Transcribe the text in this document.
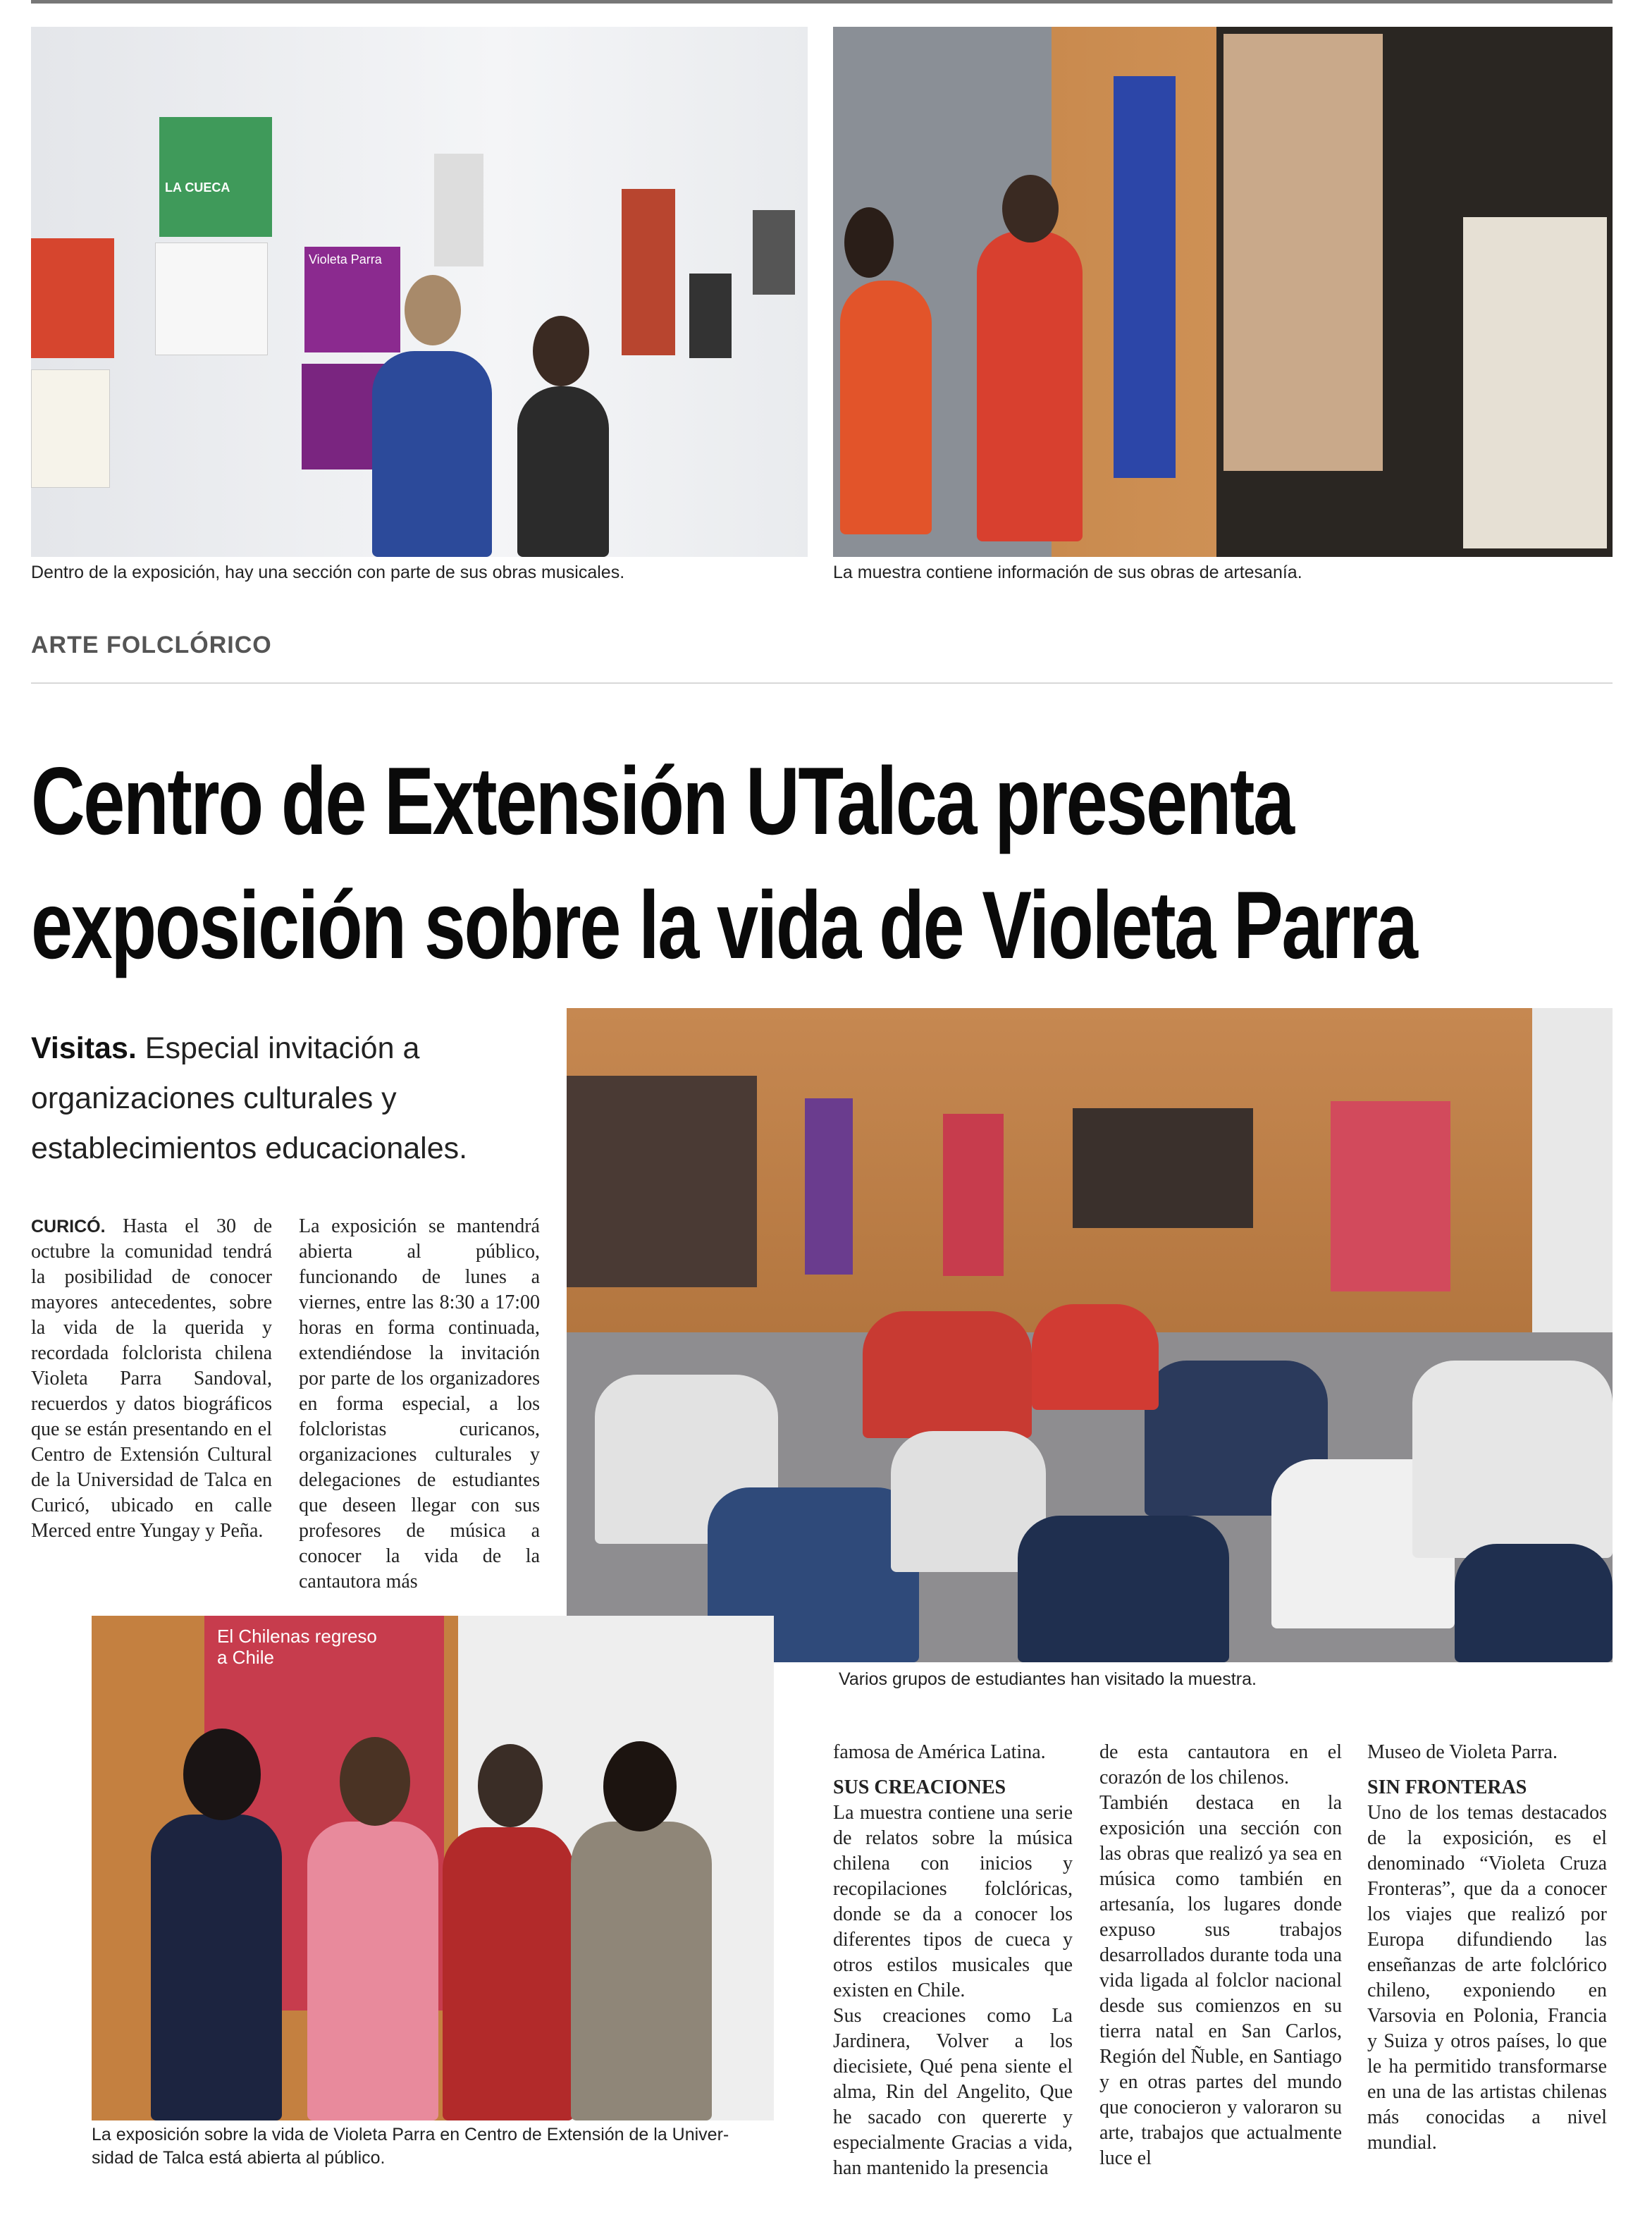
LA CUECA
Violeta Parra
Dentro de la exposición, hay una sección con parte de sus obras musicales.	La muestra contiene información de sus obras de artesanía.
ARTE FOLCLÓRICO
Centro de Extensión UTalca presenta
exposición sobre la vida de Violeta Parra
Visitas. Especial invitación a organizaciones culturales y establecimientos educacionales.
Varios grupos de estudiantes han visitado la muestra.
El Chilenas regreso a Chile
La exposición sobre la vida de Violeta Parra en Centro de Extensión de la Univer-
sidad de Talca está abierta al público.
CURICÓ. Hasta el 30 de octubre la comunidad tendrá la posibilidad de conocer mayores antecedentes, sobre la vida de la querida y recordada folclorista chilena Violeta Parra Sandoval, recuerdos y datos biográficos que se están presentando en el Centro de Extensión Cultural de la Universidad de Talca en Curicó, ubicado en calle Merced entre Yungay y Peña.
La exposición se mantendrá abierta al público, funcionando de lunes a viernes, entre las 8:30 a 17:00 horas en forma continuada, extendiéndose la invitación por parte de los organizadores en forma especial, a los folcloristas curicanos, organizaciones culturales y delegaciones de estudiantes que deseen llegar con sus profesores de música a conocer la vida de la cantautora más

famosa de América Latina.

SUS CREACIONES

La muestra contiene una serie de relatos sobre la música chilena con inicios y recopilaciones folclóricas, donde se da a conocer los diferentes tipos de cueca y otros estilos musicales que existen en Chile.

Sus creaciones como La Jardinera, Volver a los diecisiete, Qué pena siente el alma, Rin del Angelito, Que he sacado con quererte y especialmente Gracias a vida, han mantenido la presencia

de esta cantautora en el corazón de los chilenos.

También destaca en la exposición una sección con las obras que realizó ya sea en música como también en artesanía, los lugares donde expuso sus trabajos desarrollados durante toda una vida ligada al folclor nacional desde sus comienzos en su tierra natal en San Carlos, Región del Ñuble, en Santiago y en otras partes del mundo que conocieron y valoraron su arte, trabajos que actualmente luce el

Museo de Violeta Parra.

SIN FRONTERAS

Uno de los temas destacados de la exposición, es el denominado “Violeta Cruza Fronteras”, que da a conocer los viajes que realizó por Europa difundiendo las enseñanzas de arte folclórico chileno, exponiendo en Varsovia en Polonia, Francia y Suiza y otros países, lo que le ha permitido transformarse en una de las artistas chilenas más conocidas a nivel mundial.
